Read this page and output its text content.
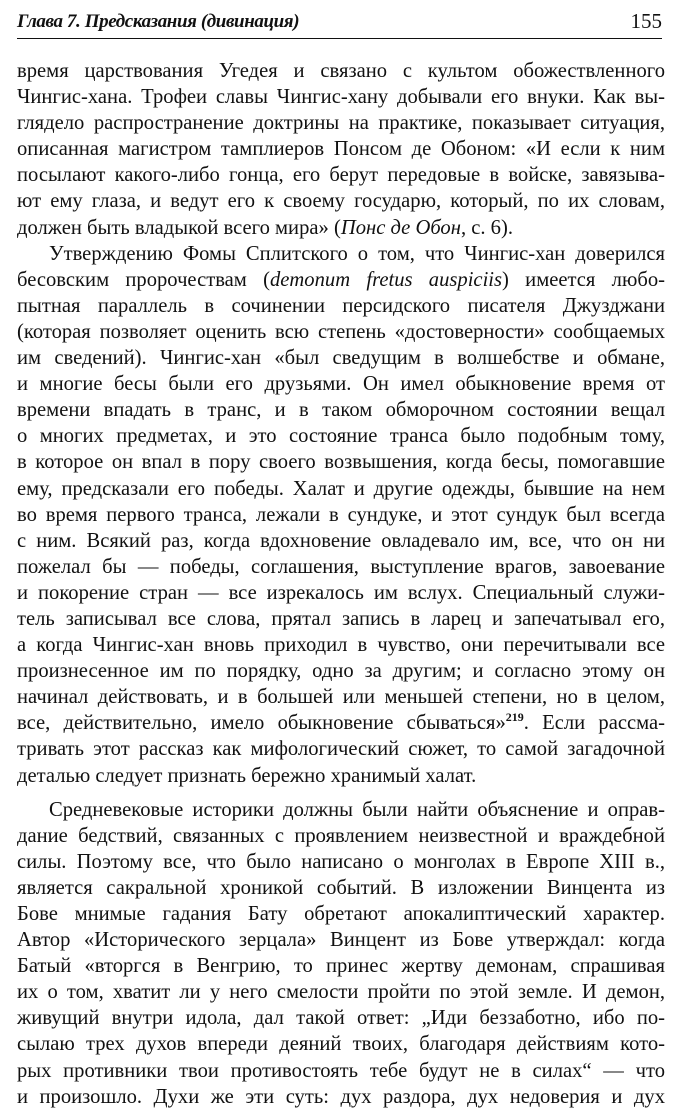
Глава 7. Предсказания (дивинация)	155
время царствования Угедея и связано с культом обожествленного
Чингис-хана. Трофеи славы Чингис-хану добывали его внуки. Как вы-
глядело распространение доктрины на практике, показывает ситуация,
описанная магистром тамплиеров Понсом де Обоном: «И если к ним
посылают какого-либо гонца, его берут передовые в войске, завязыва-
ют ему глаза, и ведут его к своему государю, который, по их словам,
должен быть владыкой всего мира» (Понс де Обон, с. 6).
Утверждению Фомы Сплитского о том, что Чингис-хан доверился
бесовским пророчествам (demonum fretus auspiciis) имеется любо-
пытная параллель в сочинении персидского писателя Джузджани
(которая позволяет оценить всю степень «достоверности» сообщаемых
им сведений). Чингис-хан «был сведущим в волшебстве и обмане,
и многие бесы были его друзьями. Он имел обыкновение время от
времени впадать в транс, и в таком обморочном состоянии вещал
о многих предметах, и это состояние транса было подобным тому,
в которое он впал в пору своего возвышения, когда бесы, помогавшие
ему, предсказали его победы. Халат и другие одежды, бывшие на нем
во время первого транса, лежали в сундуке, и этот сундук был всегда
с ним. Всякий раз, когда вдохновение овладевало им, все, что он ни
пожелал бы — победы, соглашения, выступление врагов, завоевание
и покорение стран — все изрекалось им вслух. Специальный служи-
тель записывал все слова, прятал запись в ларец и запечатывал его,
а когда Чингис-хан вновь приходил в чувство, они перечитывали все
произнесенное им по порядку, одно за другим; и согласно этому он
начинал действовать, и в большей или меньшей степени, но в целом,
все, действительно, имело обыкновение сбываться»$^{219}$. Если рассма-
тривать этот рассказ как мифологический сюжет, то самой загадочной
деталью следует признать бережно хранимый халат.
Средневековые историки должны были найти объяснение и оправ-
дание бедствий, связанных с проявлением неизвестной и враждебной
силы. Поэтому все, что было написано о монголах в Европе XIII в.,
является сакральной хроникой событий. В изложении Винцента из
Бове мнимые гадания Бату обретают апокалиптический характер.
Автор «Исторического зерцала» Винцент из Бове утверждал: когда
Батый «вторгся в Венгрию, то принес жертву демонам, спрашивая
их о том, хватит ли у него смелости пройти по этой земле. И демон,
живущий внутри идола, дал такой ответ: „Иди беззаботно, ибо по-
сылаю трех духов впереди деяний твоих, благодаря действиям кото-
рых противники твои противостоять тебе будут не в силах“ — что
и произошло. Духи же эти суть: дух раздора, дух недоверия и дух
